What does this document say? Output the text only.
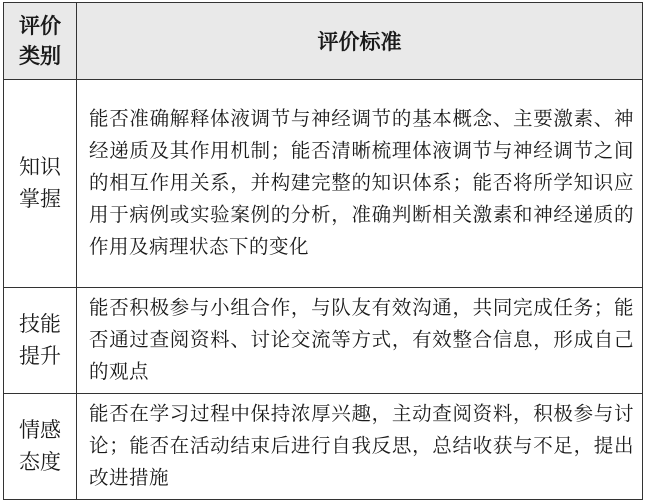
评价
类别	评价标准

知识
掌握	能否准确解释体液调节与神经调节的基本概念、主要激素、神经递质及其作用机制；能否清晰梳理体液调节与神经调节之间的相互作用关系，并构建完整的知识体系；能否将所学知识应用于病例或实验案例的分析，准确判断相关激素和神经递质的作用及病理状态下的变化

技能
提升	能否积极参与小组合作，与队友有效沟通，共同完成任务；能否通过查阅资料、讨论交流等方式，有效整合信息，形成自己的观点

情感
态度	能否在学习过程中保持浓厚兴趣，主动查阅资料，积极参与讨论；能否在活动结束后进行自我反思，总结收获与不足，提出改进措施
